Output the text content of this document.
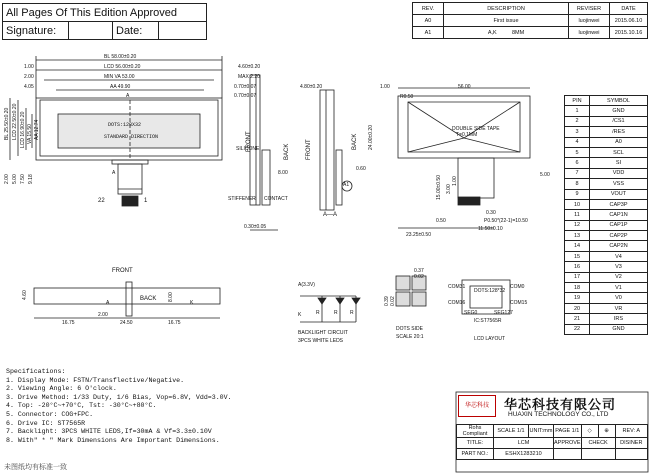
All Pages Of This Edition Approved
Signature:		Date:	
REV.	DESCRIPTION	REVISER	DATE
A0	First issue	luojinwei	2015.06.10
A1	A,K          8MM	luojinwei	2015.10.16
BL 58.00±0.20
LCD 56.00±0.20
MIN VA 53.00
AA 49.90
1.00
2.00
4.05
A
DOTS:128X32
STANDARD DIRECTION
A
22	1
BL 25.50±0.20 LCD 22.50±0.20 LCD 16.90±0.20 VA 15.50 AA 12.74
2.00 5.00 7.50 9.18
4.60±0.20
MAX 2.20
0.70±0.07
0.70±0.07
FRONT	BACK
SILICONE
STIFFENER CONTACT
0.30±0.05
8.00
4.80±0.20
24.00±0.20
0.60
FRONT	BACK
A1
A—A
1.00	56.00
R0.50
5.00
15.00±0.50 3.00
1.00
0.50
0.30
P0.50*(22-1)=10.50
11.50±0.10
23.25±0.50
DOUBLE SIDE TAPE
T=0.1MM
PIN	SYMBOL
1	GND
2	/CS1
3	/RES
4	A0
5	SCL
6	SI
7	VDD
8	VSS
9	VOUT
10	CAP3P
11	CAP1N
12	CAP1P
13	CAP2P
14	CAP2N
15	V4
16	V3
17	V2
18	V1
19	V0
20	VR
21	IRS
22	GND
FRONT
BACK
A	K
4.60
16.75
2.00
24.50	16.75
8.00
A(3.3V)
K	R	R R
BACKLIGHT CIRCUIT
3PCS WHITE LEDS
0.37
0.02
0.39 0.02
DOTS SIDE
SCALE 20:1
DOTS:128*32
IC:ST7565R
LCD LAYOUT
COM31
COM16
COM0
COM15
SEG0	SEG127
Specifications:
1. Display Mode: FSTN/Transflective/Negative.
2. Viewing Angle: 6 O'clock.
3. Drive Method: 1/33 Duty, 1/6 Bias, Vop=6.8V, Vdd=3.0V.
4. Top: -20°C~+70°C, Tst: -30°C~+80°C.
5. Connector: COG+FPC.
6. Drive IC: ST7565R
7. Backlight: 3PCS WHITE LEDS,If=30mA & Vf=3.3±0.10V
8. With" * " Mark Dimensions Are Important Dimensions.
华芯科技	华芯科技有限公司
HUAXIN TECHNOLOGY CO., LTD
Rohs Compliant	SCALE 1/1	UNIT:mm	PAGE 1/1	◇	⊕	REV: A
TITLE:	LCM		APPROVE	CHECK		DISINER
PART NO.:	ESHX1283210					
未图纸均有标准一致
